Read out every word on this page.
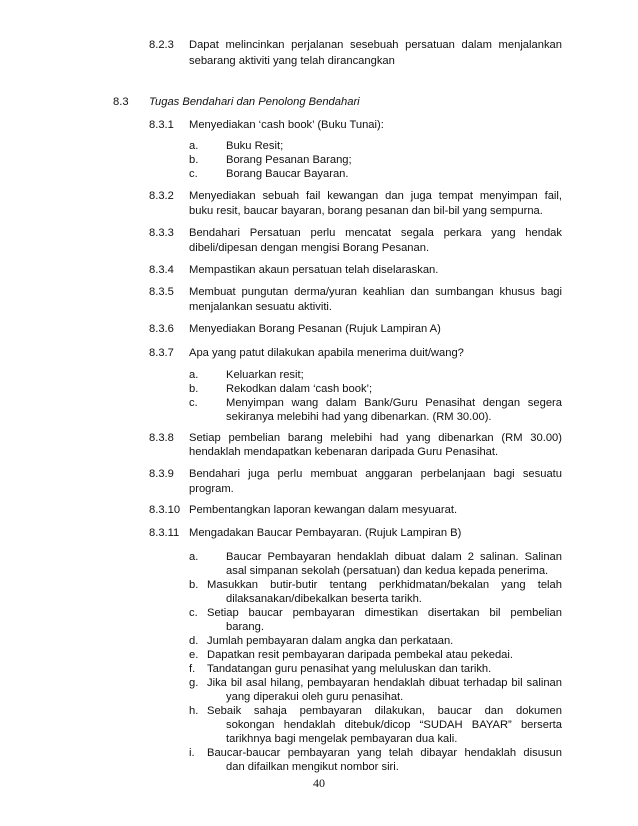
8.2.3 Dapat melincinkan perjalanan sesebuah persatuan dalam menjalankan
sebarang aktiviti yang telah dirancangkan
8.3 Tugas Bendahari dan Penolong Bendahari
8.3.1 Menyediakan ‘cash book’ (Buku Tunai):
a. Buku Resit;
b. Borang Pesanan Barang;
c.	Borang Baucar Bayaran.
8.3.2 Menyediakan sebuah fail kewangan dan juga tempat menyimpan fail,
buku resit, baucar bayaran, borang pesanan dan bil-bil yang sempurna.
8.3.3 Bendahari Persatuan perlu mencatat segala perkara yang hendak
dibeli/dipesan dengan mengisi Borang Pesanan.
8.3.4 Mempastikan akaun persatuan telah diselaraskan.
8.3.5 Membuat pungutan derma/yuran keahlian dan sumbangan khusus bagi
menjalankan sesuatu aktiviti.
8.3.6 Menyediakan Borang Pesanan (Rujuk Lampiran A)
8.3.7 Apa yang patut dilakukan apabila menerima duit/wang?
a. Keluarkan resit;
b. Rekodkan dalam ‘cash book’;
c.	Menyimpan wang dalam Bank/Guru Penasihat dengan segera
sekiranya melebihi had yang dibenarkan. (RM 30.00).
8.3.8 Setiap pembelian barang melebihi had yang dibenarkan (RM 30.00)
hendaklah mendapatkan kebenaran daripada Guru Penasihat.
8.3.9 Bendahari juga perlu membuat anggaran perbelanjaan bagi sesuatu
program.
8.3.10 Pembentangkan laporan kewangan dalam mesyuarat.
8.3.11 Mengadakan Baucar Pembayaran. (Rujuk Lampiran B)
a. Baucar Pembayaran hendaklah dibuat dalam 2 salinan. Salinan
asal simpanan sekolah (persatuan) dan kedua kepada penerima.
b. Masukkan butir-butir tentang perkhidmatan/bekalan yang telah
dilaksanakan/dibekalkan beserta tarikh.
c. Setiap baucar pembayaran dimestikan disertakan bil pembelian
barang.
d. Jumlah pembayaran dalam angka dan perkataan.
e. Dapatkan resit pembayaran daripada pembekal atau pekedai.
f. Tandatangan guru penasihat yang meluluskan dan tarikh.
g. Jika bil asal hilang, pembayaran hendaklah dibuat terhadap bil salinan
yang diperakui oleh guru penasihat.
h. Sebaik sahaja pembayaran dilakukan, baucar dan dokumen
sokongan hendaklah ditebuk/dicop “SUDAH BAYAR” berserta
tarikhnya bagi mengelak pembayaran dua kali.
i. Baucar-baucar pembayaran yang telah dibayar hendaklah disusun
dan difailkan mengikut nombor siri.
40
